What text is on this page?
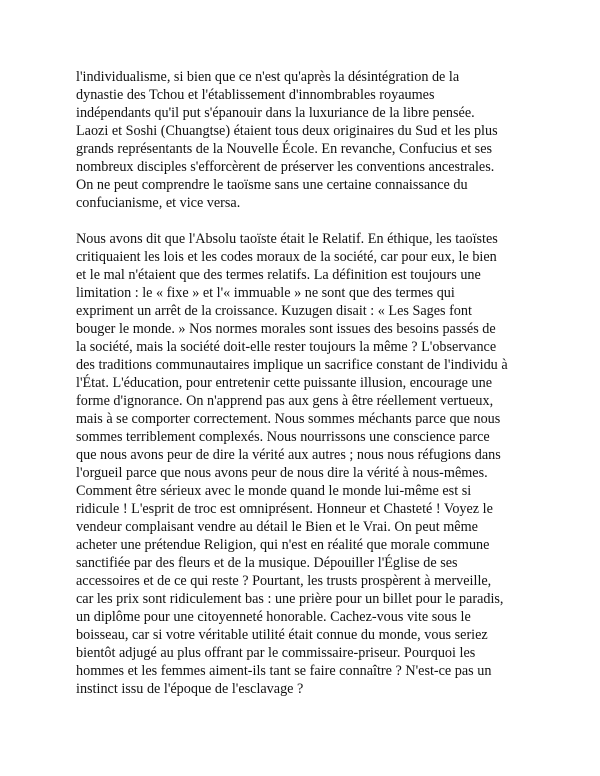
l'individualisme, si bien que ce n'est qu'après la désintégration de la
dynastie des Tchou et l'établissement d'innombrables royaumes
indépendants qu'il put s'épanouir dans la luxuriance de la libre pensée.
Laozi et Soshi (Chuangtse) étaient tous deux originaires du Sud et les plus
grands représentants de la Nouvelle École. En revanche, Confucius et ses
nombreux disciples s'efforcèrent de préserver les conventions ancestrales.
On ne peut comprendre le taoïsme sans une certaine connaissance du
confucianisme, et vice versa.

Nous avons dit que l'Absolu taoïste était le Relatif. En éthique, les taoïstes
critiquaient les lois et les codes moraux de la société, car pour eux, le bien
et le mal n'étaient que des termes relatifs. La définition est toujours une
limitation : le « fixe » et l'« immuable » ne sont que des termes qui
expriment un arrêt de la croissance. Kuzugen disait : « Les Sages font
bouger le monde. » Nos normes morales sont issues des besoins passés de
la société, mais la société doit-elle rester toujours la même ? L'observance
des traditions communautaires implique un sacrifice constant de l'individu à
l'État. L'éducation, pour entretenir cette puissante illusion, encourage une
forme d'ignorance. On n'apprend pas aux gens à être réellement vertueux,
mais à se comporter correctement. Nous sommes méchants parce que nous
sommes terriblement complexés. Nous nourrissons une conscience parce
que nous avons peur de dire la vérité aux autres ; nous nous réfugions dans
l'orgueil parce que nous avons peur de nous dire la vérité à nous-mêmes.
Comment être sérieux avec le monde quand le monde lui-même est si
ridicule ! L'esprit de troc est omniprésent. Honneur et Chasteté ! Voyez le
vendeur complaisant vendre au détail le Bien et le Vrai. On peut même
acheter une prétendue Religion, qui n'est en réalité que morale commune
sanctifiée par des fleurs et de la musique. Dépouiller l'Église de ses
accessoires et de ce qui reste ? Pourtant, les trusts prospèrent à merveille,
car les prix sont ridiculement bas : une prière pour un billet pour le paradis,
un diplôme pour une citoyenneté honorable. Cachez-vous vite sous le
boisseau, car si votre véritable utilité était connue du monde, vous seriez
bientôt adjugé au plus offrant par le commissaire-priseur. Pourquoi les
hommes et les femmes aiment-ils tant se faire connaître ? N'est-ce pas un
instinct issu de l'époque de l'esclavage ?
